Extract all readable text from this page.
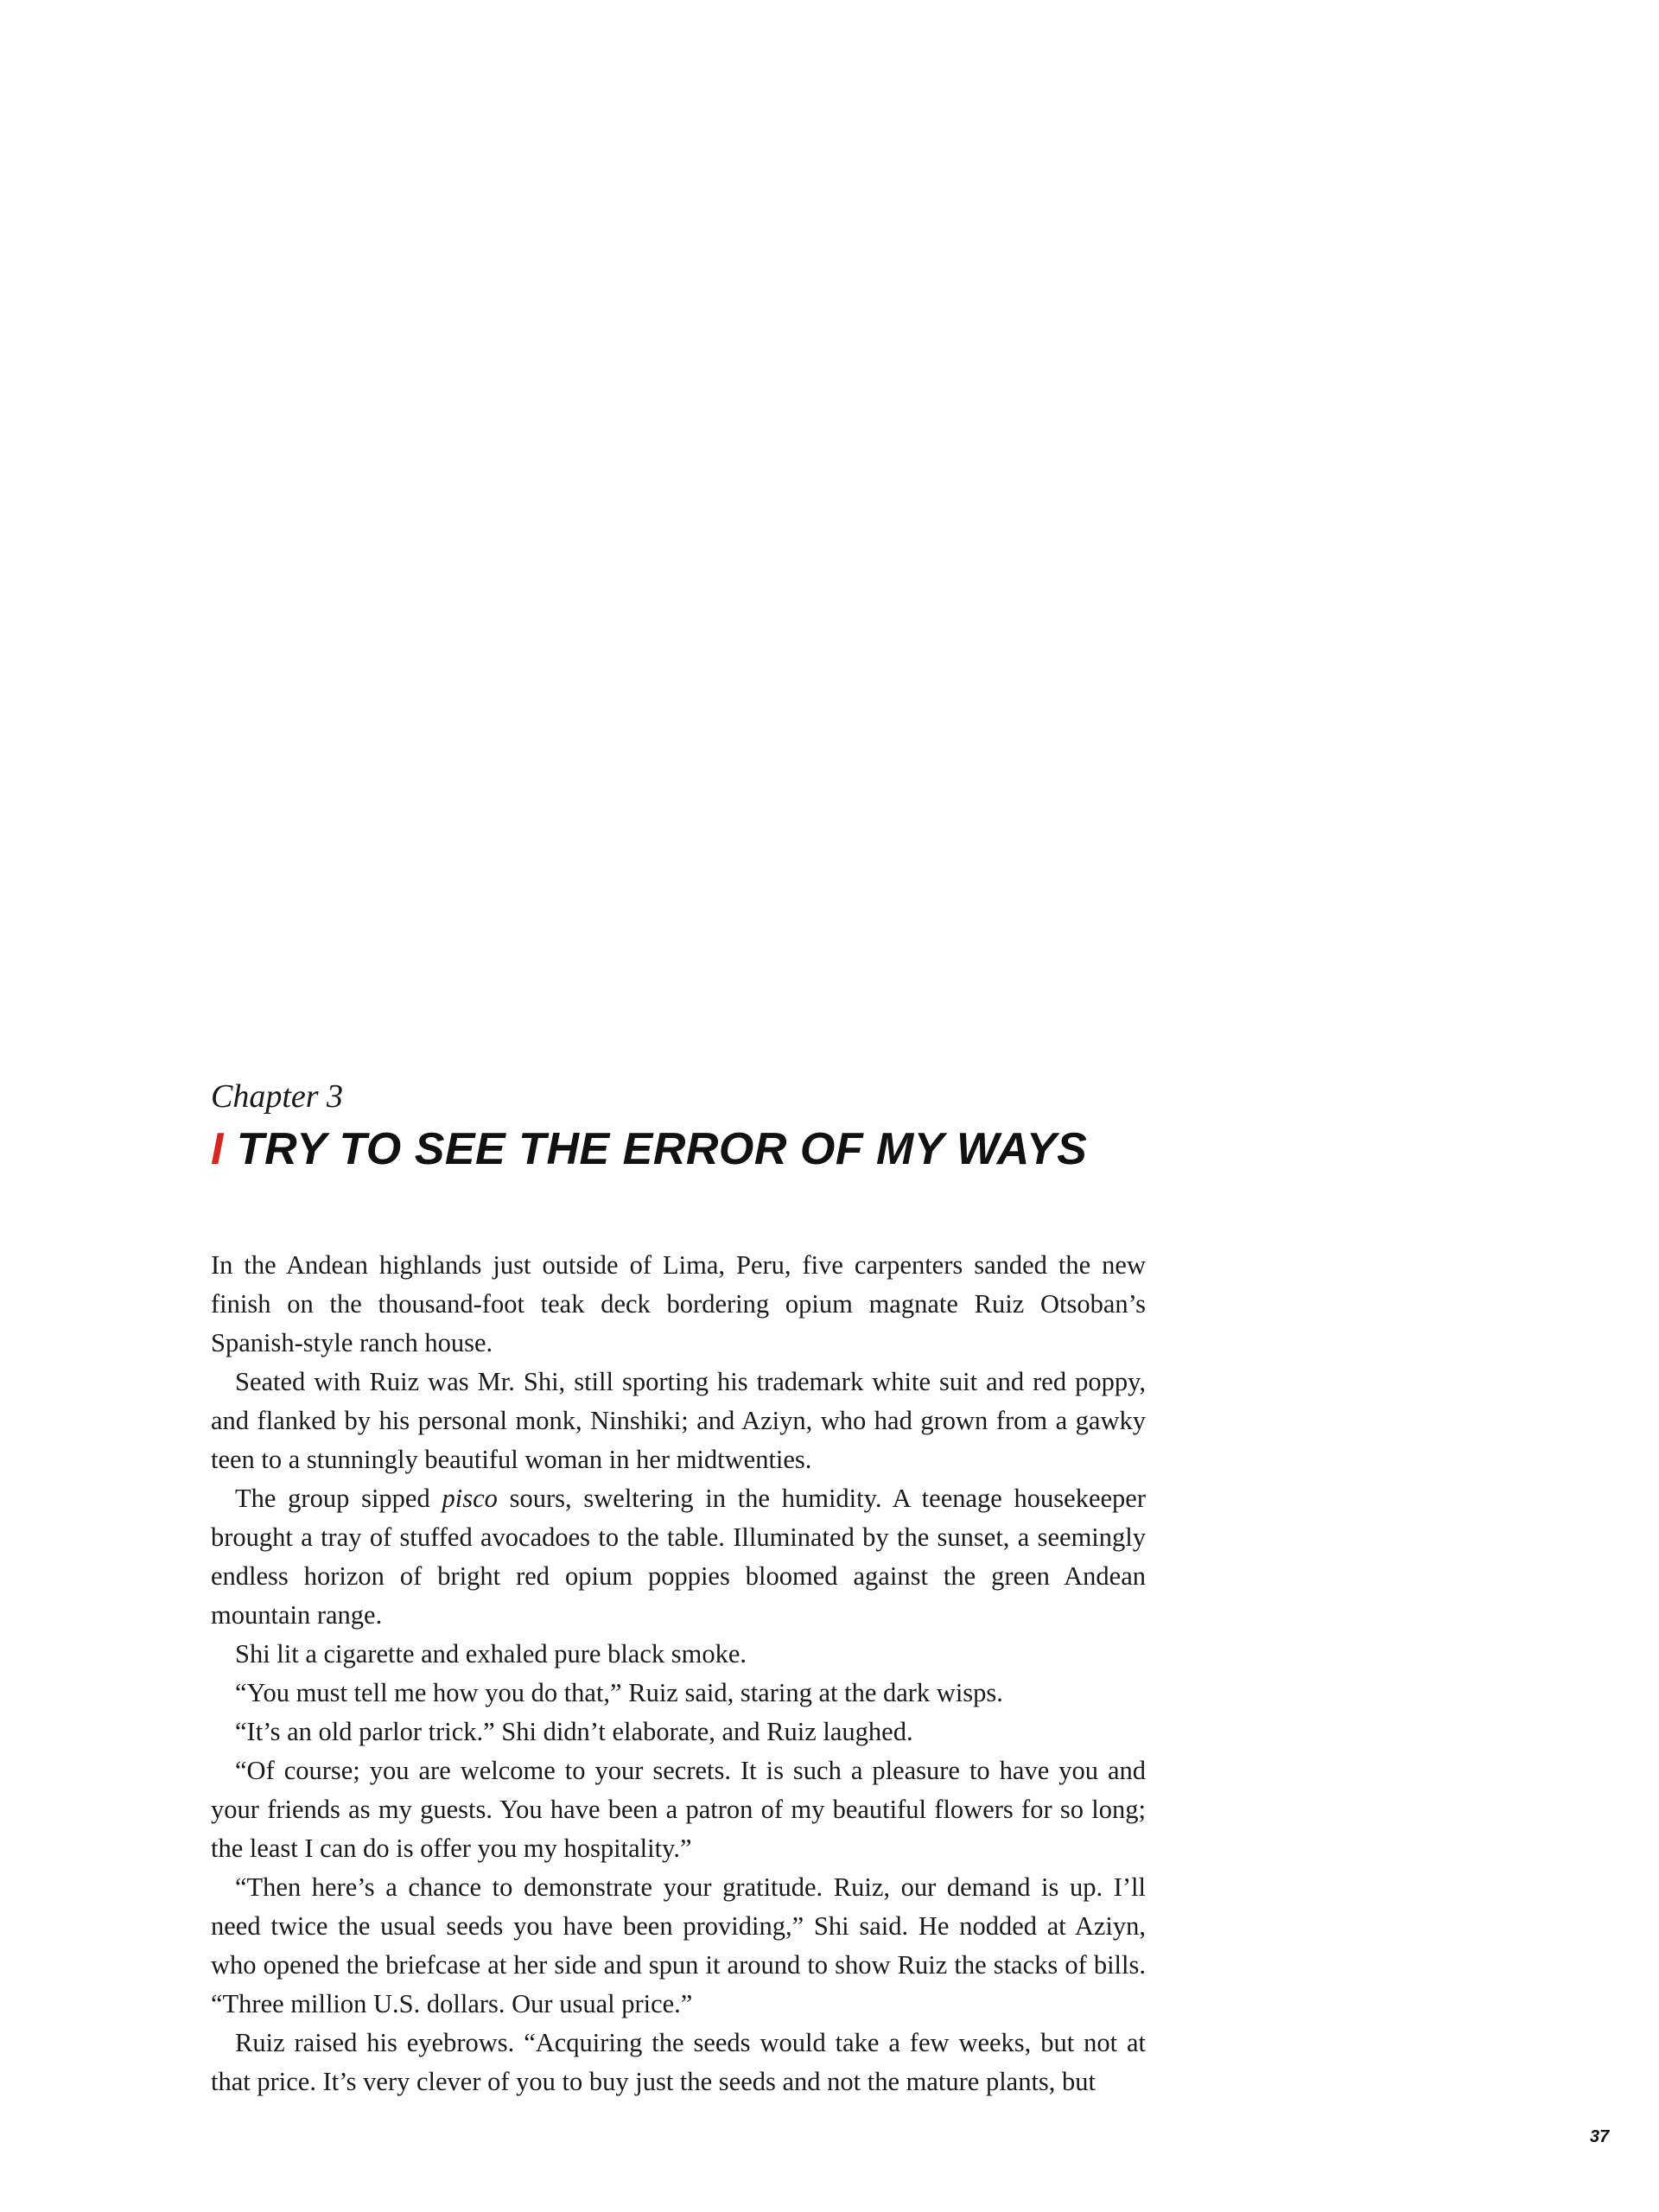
Chapter 3
I TRY TO SEE THE ERROR OF MY WAYS

In the Andean highlands just outside of Lima, Peru, five carpenters sanded the new finish on the thousand-foot teak deck bordering opium magnate Ruiz Otsoban’s Spanish-style ranch house.

Seated with Ruiz was Mr. Shi, still sporting his trademark white suit and red poppy, and flanked by his personal monk, Ninshiki; and Aziyn, who had grown from a gawky teen to a stunningly beautiful woman in her midtwenties.

The group sipped pisco sours, sweltering in the humidity. A teenage housekeeper brought a tray of stuffed avocadoes to the table. Illuminated by the sunset, a seemingly endless horizon of bright red opium poppies bloomed against the green Andean mountain range.

Shi lit a cigarette and exhaled pure black smoke.

“You must tell me how you do that,” Ruiz said, staring at the dark wisps.

“It’s an old parlor trick.” Shi didn’t elaborate, and Ruiz laughed.

“Of course; you are welcome to your secrets. It is such a pleasure to have you and your friends as my guests. You have been a patron of my beautiful flowers for so long; the least I can do is offer you my hospitality.”

“Then here’s a chance to demonstrate your gratitude. Ruiz, our demand is up. I’ll need twice the usual seeds you have been providing,” Shi said. He nodded at Aziyn, who opened the briefcase at her side and spun it around to show Ruiz the stacks of bills. “Three million U.S. dollars. Our usual price.”

Ruiz raised his eyebrows. “Acquiring the seeds would take a few weeks, but not at that price. It’s very clever of you to buy just the seeds and not the mature plants, but

37
